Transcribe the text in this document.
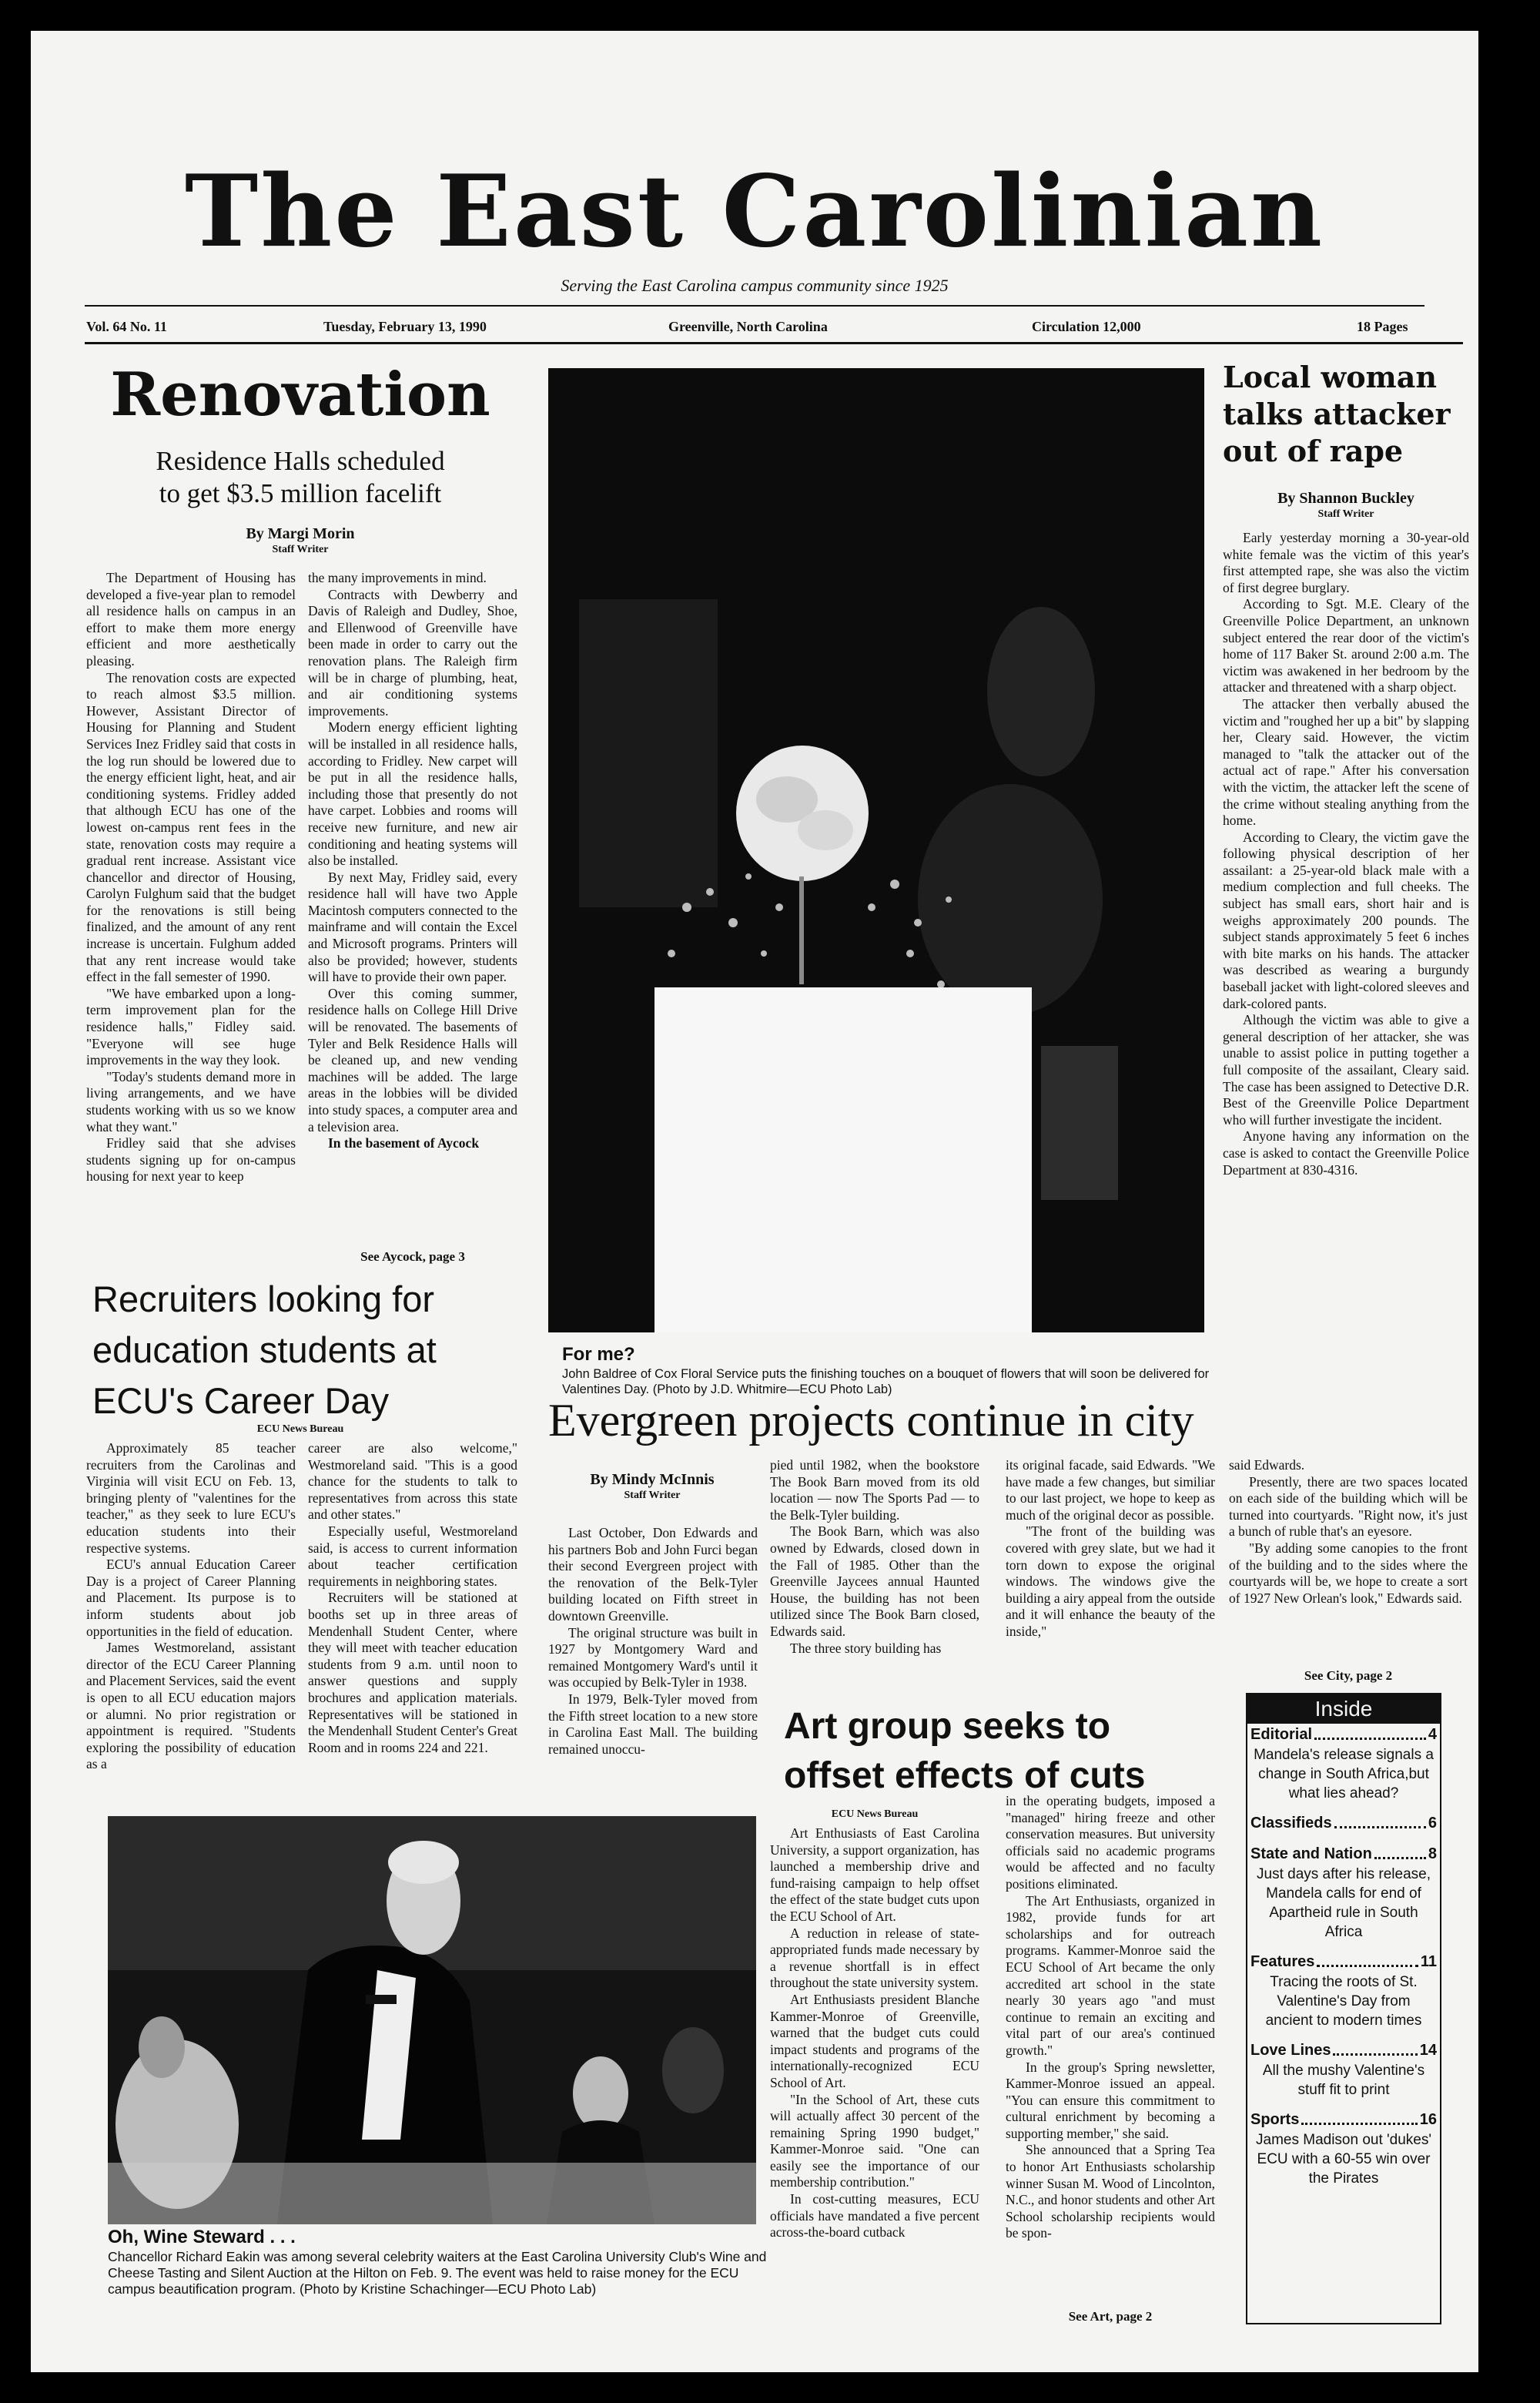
The East Carolinian
Serving the East Carolina campus community since 1925
Vol. 64 No. 11	Tuesday, February 13, 1990	Greenville, North Carolina	Circulation 12,000	18 Pages
Renovation
Residence Halls scheduled
to get $3.5 million facelift
By Margi Morin
Staff Writer

The Department of Housing has developed a five-year plan to remodel all residence halls on campus in an effort to make them more energy efficient and more aesthetically pleasing.

The renovation costs are expected to reach almost $3.5 million. However, Assistant Director of Housing for Planning and Student Services Inez Fridley said that costs in the log run should be lowered due to the energy efficient light, heat, and air conditioning systems. Fridley added that although ECU has one of the lowest on-campus rent fees in the state, renovation costs may require a gradual rent increase. Assistant vice chancellor and director of Housing, Carolyn Fulghum said that the budget for the renovations is still being finalized, and the amount of any rent increase is uncertain. Fulghum added that any rent increase would take effect in the fall semester of 1990.

"We have embarked upon a long-term improvement plan for the residence halls," Fidley said. "Everyone will see huge improvements in the way they look.

"Today's students demand more in living arrangements, and we have students working with us so we know what they want."

Fridley said that she advises students signing up for on-campus housing for next year to keep

the many improvements in mind.

Contracts with Dewberry and Davis of Raleigh and Dudley, Shoe, and Ellenwood of Greenville have been made in order to carry out the renovation plans. The Raleigh firm will be in charge of plumbing, heat, and air conditioning systems improvements.

Modern energy efficient lighting will be installed in all residence halls, according to Fridley. New carpet will be put in all the residence halls, including those that presently do not have carpet. Lobbies and rooms will receive new furniture, and new air conditioning and heating systems will also be installed.

By next May, Fridley said, every residence hall will have two Apple Macintosh computers connected to the mainframe and will contain the Excel and Microsoft programs. Printers will also be provided; however, students will have to provide their own paper.

Over this coming summer, residence halls on College Hill Drive will be renovated. The basements of Tyler and Belk Residence Halls will be cleaned up, and new vending machines will be added. The large areas in the lobbies will be divided into study spaces, a computer area and a television area.

In the basement of Aycock

See Aycock, page 3
For me?
John Baldree of Cox Floral Service puts the finishing touches on a bouquet of flowers that will soon be delivered for Valentines Day. (Photo by J.D. Whitmire—ECU Photo Lab)
Local woman
talks attacker
out of rape
By Shannon Buckley
Staff Writer

Early yesterday morning a 30-year-old white female was the victim of this year's first attempted rape, she was also the victim of first degree burglary.

According to Sgt. M.E. Cleary of the Greenville Police Department, an unknown subject entered the rear door of the victim's home of 117 Baker St. around 2:00 a.m. The victim was awakened in her bedroom by the attacker and threatened with a sharp object.

The attacker then verbally abused the victim and "roughed her up a bit" by slapping her, Cleary said. However, the victim managed to "talk the attacker out of the actual act of rape." After his conversation with the victim, the attacker left the scene of the crime without stealing anything from the home.

According to Cleary, the victim gave the following physical description of her assailant: a 25-year-old black male with a medium complection and full cheeks. The subject has small ears, short hair and is weighs approximately 200 pounds. The subject stands approximately 5 feet 6 inches with bite marks on his hands. The attacker was described as wearing a burgundy baseball jacket with light-colored sleeves and dark-colored pants.

Although the victim was able to give a general description of her attacker, she was unable to assist police in putting together a full composite of the assailant, Cleary said. The case has been assigned to Detective D.R. Best of the Greenville Police Department who will further investigate the incident.

Anyone having any information on the case is asked to contact the Greenville Police Department at 830-4316.

Recruiters looking for
education students at
ECU's Career Day
ECU News Bureau

Approximately 85 teacher recruiters from the Carolinas and Virginia will visit ECU on Feb. 13, bringing plenty of "valentines for the teacher," as they seek to lure ECU's education students into their respective systems.

ECU's annual Education Career Day is a project of Career Planning and Placement. Its purpose is to inform students about job opportunities in the field of education.

James Westmoreland, assistant director of the ECU Career Planning and Placement Services, said the event is open to all ECU education majors or alumni. No prior registration or appointment is required. "Students exploring the possibility of education as a

career are also welcome," Westmoreland said. "This is a good chance for the students to talk to representatives from across this state and other states."

Especially useful, Westmoreland said, is access to current information about teacher certification requirements in neighboring states.

Recruiters will be stationed at booths set up in three areas of Mendenhall Student Center, where they will meet with teacher education students from 9 a.m. until noon to answer questions and supply brochures and application materials. Representatives will be stationed in the Mendenhall Student Center's Great Room and in rooms 224 and 221.

Evergreen projects continue in city
By Mindy McInnis
Staff Writer

Last October, Don Edwards and his partners Bob and John Furci began their second Evergreen project with the renovation of the Belk-Tyler building located on Fifth street in downtown Greenville.

The original structure was built in 1927 by Montgomery Ward and remained Montgomery Ward's until it was occupied by Belk-Tyler in 1938.

In 1979, Belk-Tyler moved from the Fifth street location to a new store in Carolina East Mall. The building remained unoccu-

pied until 1982, when the bookstore The Book Barn moved from its old location — now The Sports Pad — to the Belk-Tyler building.

The Book Barn, which was also owned by Edwards, closed down in the Fall of 1985. Other than the Greenville Jaycees annual Haunted House, the building has not been utilized since The Book Barn closed, Edwards said.

The three story building has

its original facade, said Edwards. "We have made a few changes, but similiar to our last project, we hope to keep as much of the original decor as possible.

"The front of the building was covered with grey slate, but we had it torn down to expose the original windows. The windows give the building a airy appeal from the outside and it will enhance the beauty of the inside,"

said Edwards.

Presently, there are two spaces located on each side of the building which will be turned into courtyards. "Right now, it's just a bunch of ruble that's an eyesore.

"By adding some canopies to the front of the building and to the sides where the courtyards will be, we hope to create a sort of 1927 New Orlean's look," Edwards said.

See City, page 2
Art group seeks to
offset effects of cuts
ECU News Bureau

Art Enthusiasts of East Carolina University, a support organization, has launched a membership drive and fund-raising campaign to help offset the effect of the state budget cuts upon the ECU School of Art.

A reduction in release of state-appropriated funds made necessary by a revenue shortfall is in effect throughout the state university system.

Art Enthusiasts president Blanche Kammer-Monroe of Greenville, warned that the budget cuts could impact students and programs of the internationally-recognized ECU School of Art.

"In the School of Art, these cuts will actually affect 30 percent of the remaining Spring 1990 budget," Kammer-Monroe said. "One can easily see the importance of our membership contribution."

In cost-cutting measures, ECU officials have mandated a five percent across-the-board cutback

in the operating budgets, imposed a "managed" hiring freeze and other conservation measures. But university officials said no academic programs would be affected and no faculty positions eliminated.

The Art Enthusiasts, organized in 1982, provide funds for art scholarships and for outreach programs. Kammer-Monroe said the ECU School of Art became the only accredited art school in the state nearly 30 years ago "and must continue to remain an exciting and vital part of our area's continued growth."

In the group's Spring newsletter, Kammer-Monroe issued an appeal. "You can ensure this commitment to cultural enrichment by becoming a supporting member," she said.

She announced that a Spring Tea to honor Art Enthusiasts scholarship winner Susan M. Wood of Lincolnton, N.C., and honor students and other Art School scholarship recipients would be spon-

See Art, page 2
Inside
Editorial	4
Mandela's release signals a change in South Africa,but what lies ahead?
Classifieds	6
State and Nation	8
Just days after his release, Mandela calls for end of Apartheid rule in South Africa
Features	11
Tracing the roots of St. Valentine's Day from ancient to modern times
Love Lines	14
All the mushy Valentine's stuff fit to print
Sports	16
James Madison out 'dukes' ECU with a 60-55 win over the Pirates
Oh, Wine Steward . . .
Chancellor Richard Eakin was among several celebrity waiters at the East Carolina University Club's Wine and Cheese Tasting and Silent Auction at the Hilton on Feb. 9. The event was held to raise money for the ECU campus beautification program. (Photo by Kristine Schachinger—ECU Photo Lab)
